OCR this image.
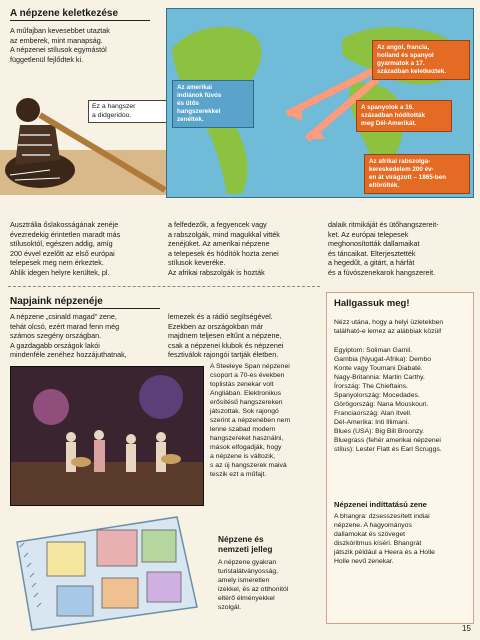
A népzene keletkezése
A műfajban kevesebbet utaztak
az emberek, mint manapság.
A népzenei stílusok egymástól
függetlenül fejlődtek ki.
Ez a hangszer
a didgeridoo.
Az amerikai
indiánok fúvós
és ütős
hangszerekkel
zenéltek.
Az angol, francia,
holland és spanyol
gyarmatok a 17.
században keletkeztek.
A spanyolok a 16.
században hódították
meg Dél-Amerikát.
Az afrikai rabszolga-
kereskedelem 200 év-
en át virágzott – 1865-ben
eltörölték.
Ausztrália őslakosságának zenéje
évezredekig érintetlen maradt más
stílusoktól, egészen addig, amíg
200 évvel ezelőtt az első európai
telepesek meg nem érkeztek.
Ahlik idegen helyre kerültek, pl.
a felfedezők, a fegyencek vagy
a rabszolgák, mind magukkal vitték
zenéjüket. Az amerikai népzene
a telepesek és hódítók hozta zenei
stílusok keveréke.
Az afrikai rabszolgák is hozták
dalaik ritmikáját és ütőhangszereit-
ket. Az európai telepesek
meghonosították dallamaikat
és táncaikat. Elterjesztették
a hegedűt, a gitárt, a hárfát
és a fúvószenekarok hangszereit.
Napjaink népzenéje
A népzene „csinald magad" zene,
tehát olcsó, ezért marad fenn még
számos szegény országban.
A gazdagabb országok lakói
mindenféle zenéhez hozzájuthatnak,
lemezek és a rádió segítségével.
Ezekben az országokban már
majdnem teljesen eltűnt a népzene,
csak a népzenei klubok és népzenei
fesztiválok rajongói tartják életben.
A Steeleye Span népzenei
csoport a 70-es években
toplistás zenekar volt
Angliában. Elektronikus
erősítésű hangszereken
játszottak. Sok rajongó
szerint a népzenében nem
lenne szabad modern
hangszereket használni,
mások elfogadják, hogy
a népzene is változik,
s az új hangszerek maivá
teszik ezt a műfajt.
Hallgassuk meg!
Nézz utána, hogy a helyi üzletekben
található-e lemez az alábbiak közül!
Egyiptom: Soliman Gamil.
Gambia (Nyugat-Afrika): Dembo
Konte vagy Toumani Diabaté.
Nagy-Britannia: Martin Carthy.
Írország: The Chieftains.
Spanyolország: Mocedades.
Görögország: Nana Mouskouri.
Franciaország: Alan Itvell.
Dél-Amerika: Inti Illimani.
Blues (USA): Big Bill Broonzy.
Bluegrass (fehér amerikai népzenei
stílus): Lester Flatt és Earl Scruggs.
Népzenei indíttatású zene
A bhangra: dzsesszesített indiai
népzene. A hagyományos
dallamokat és szöveget
diszkóritmus kíséri. Bhangrát
játszik például a Heera és a Holle
Holle nevű zenekar.
Népzene és
nemzeti jelleg
A népzene gyakran
turistalátványosság,
amely ismeretlen
izekkel, és az otthonitól
eltérő élményekkel
szolgál.
15
